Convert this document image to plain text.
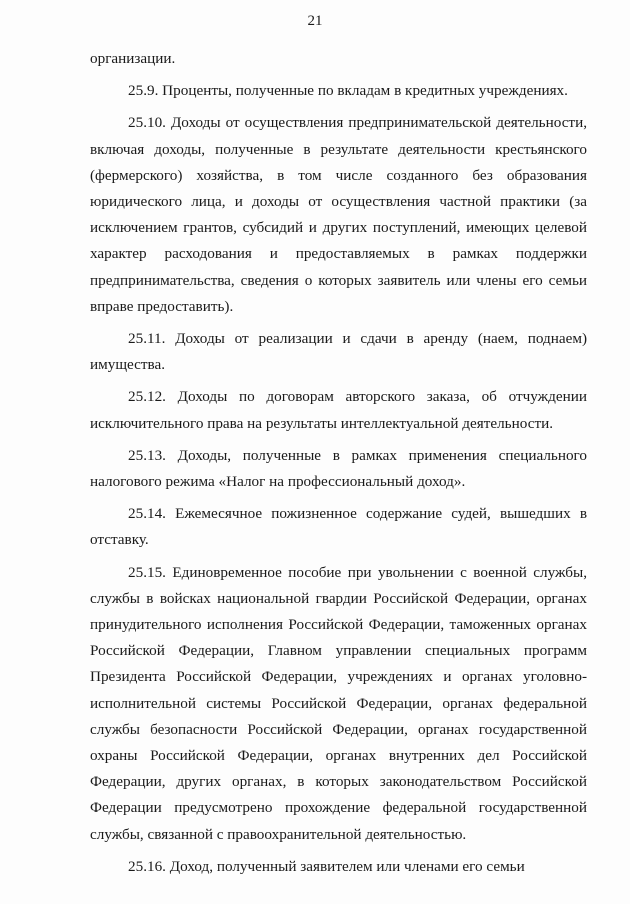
21

организации.

25.9. Проценты, полученные по вкладам в кредитных учреждениях.

25.10. Доходы от осуществления предпринимательской деятельности, включая доходы, полученные в результате деятельности крестьянского (фермерского) хозяйства, в том числе созданного без образования юридического лица, и доходы от осуществления частной практики (за исключением грантов, субсидий и других поступлений, имеющих целевой характер расходования и предоставляемых в рамках поддержки предпринимательства, сведения о которых заявитель или члены его семьи вправе предоставить).

25.11. Доходы от реализации и сдачи в аренду (наем, поднаем) имущества.

25.12. Доходы по договорам авторского заказа, об отчуждении исключительного права на результаты интеллектуальной деятельности.

25.13. Доходы, полученные в рамках применения специального налогового режима «Налог на профессиональный доход».

25.14. Ежемесячное пожизненное содержание судей, вышедших в отставку.

25.15. Единовременное пособие при увольнении с военной службы, службы в войсках национальной гвардии Российской Федерации, органах принудительного исполнения Российской Федерации, таможенных органах Российской Федерации, Главном управлении специальных программ Президента Российской Федерации, учреждениях и органах уголовно-исполнительной системы Российской Федерации, органах федеральной службы безопасности Российской Федерации, органах государственной охраны Российской Федерации, органах внутренних дел Российской Федерации, других органах, в которых законодательством Российской Федерации предусмотрено прохождение федеральной государственной службы, связанной с правоохранительной деятельностью.

25.16. Доход, полученный заявителем или членами его семьи
